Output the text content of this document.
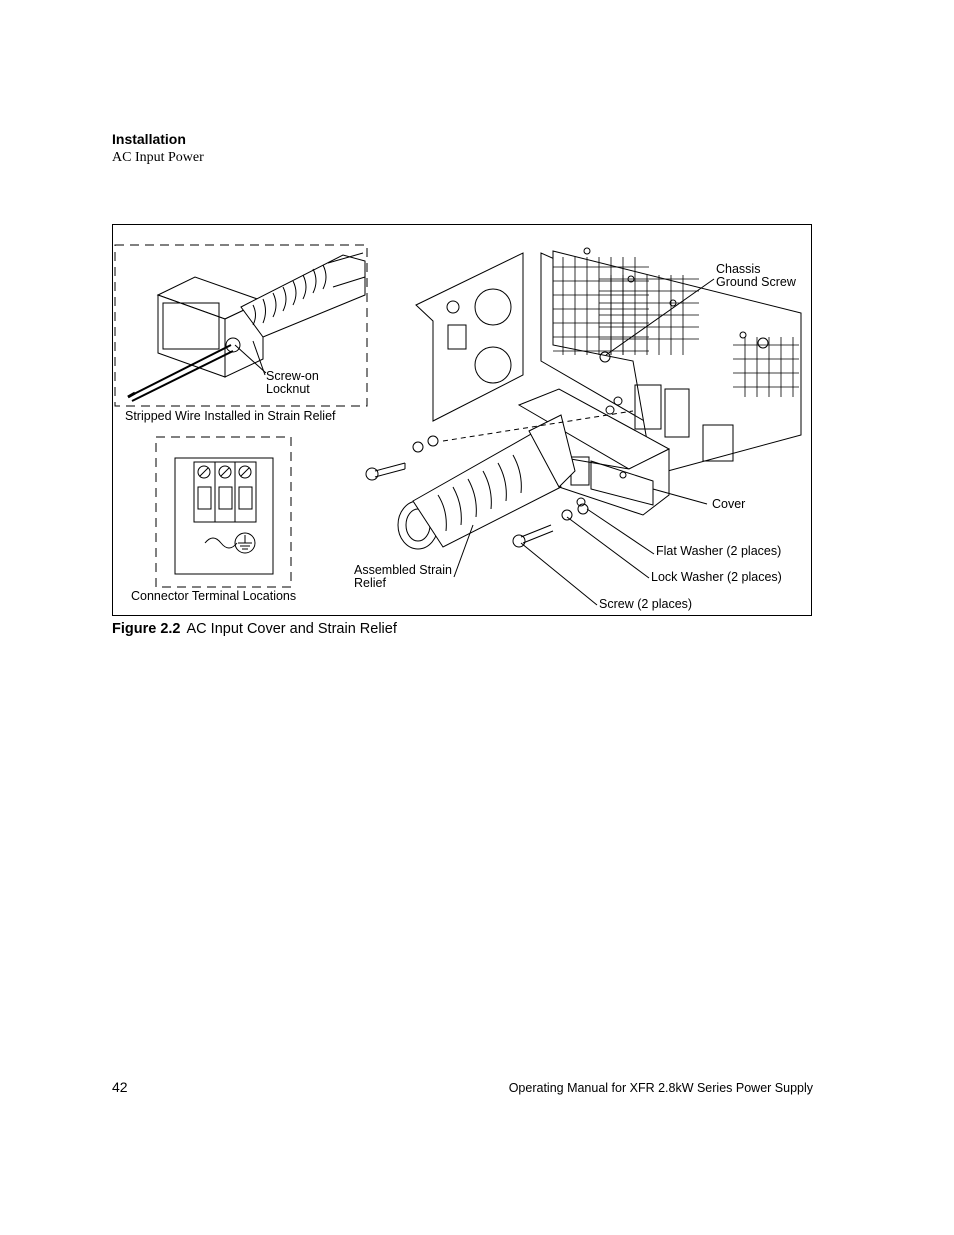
Installation
AC Input Power
Chassis
Ground Screw
Screw-on
Locknut
Stripped Wire Installed in Strain Relief
Cover
Flat Washer (2 places)
Lock Washer (2 places)
Assembled Strain
Relief
Screw (2 places)
Connector Terminal Locations
Figure 2.2 AC Input Cover and Strain Relief
42	Operating Manual for XFR 2.8kW Series Power Supply
